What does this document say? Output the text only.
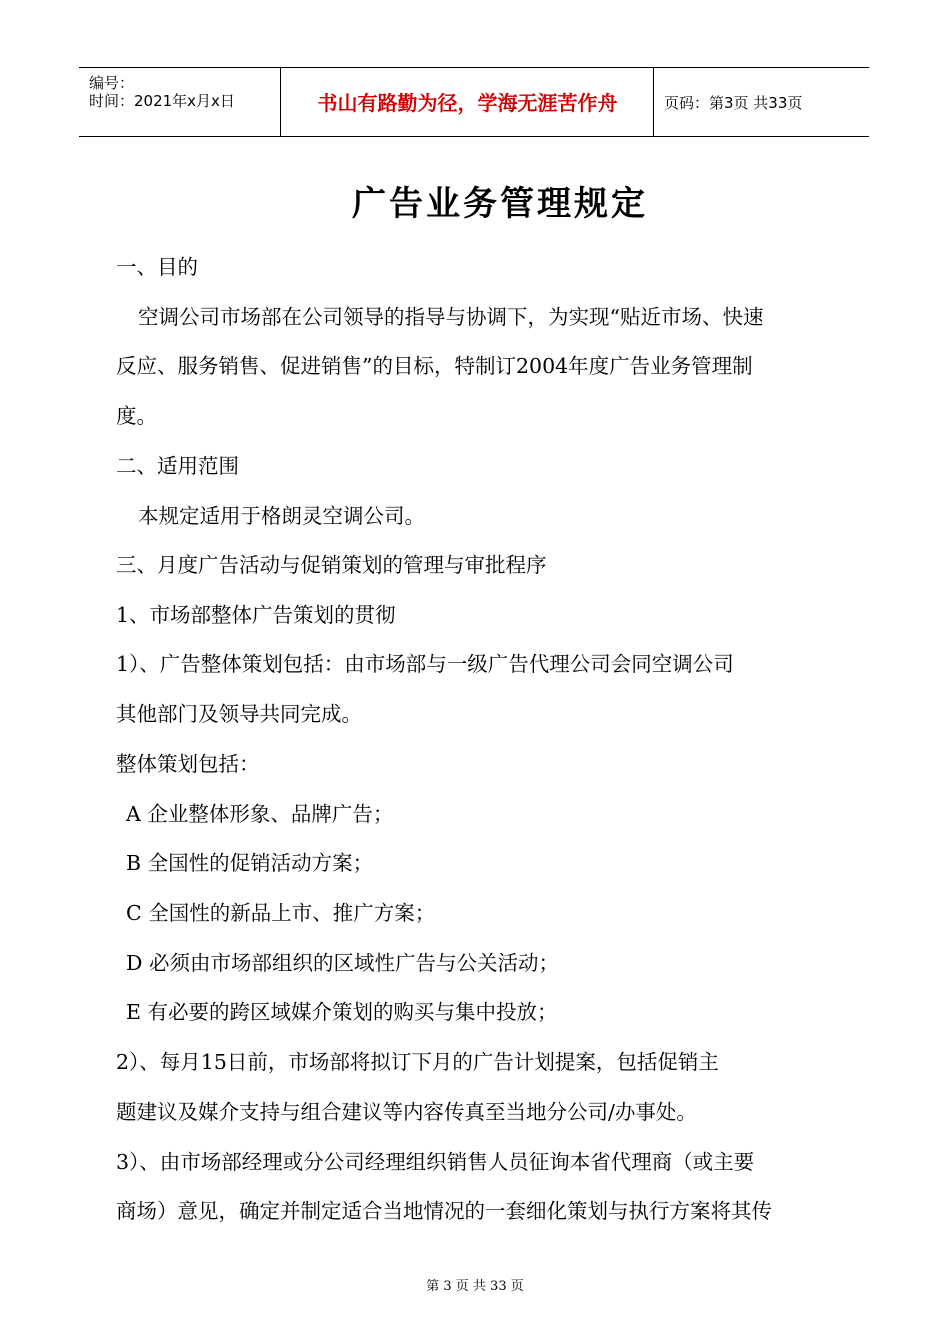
编号：
时间：2021年x月x日	书山有路勤为径，学海无涯苦作舟	页码：第3页 共33页
广告业务管理规定
一、目的
空调公司市场部在公司领导的指导与协调下，为实现“贴近市场、快速
反应、服务销售、促进销售”的目标，特制订2004年度广告业务管理制
度。
二、适用范围
本规定适用于格朗灵空调公司。
三、月度广告活动与促销策划的管理与审批程序
1、市场部整体广告策划的贯彻
1）、广告整体策划包括：由市场部与一级广告代理公司会同空调公司
其他部门及领导共同完成。
整体策划包括：
A 企业整体形象、品牌广告；
B 全国性的促销活动方案；
C 全国性的新品上市、推广方案；
D 必须由市场部组织的区域性广告与公关活动；
E 有必要的跨区域媒介策划的购买与集中投放；
2）、每月15日前，市场部将拟订下月的广告计划提案，包括促销主
题建议及媒介支持与组合建议等内容传真至当地分公司/办事处。
3）、由市场部经理或分公司经理组织销售人员征询本省代理商（或主要
商场）意见，确定并制定适合当地情况的一套细化策划与执行方案将其传
第 3 页 共 33 页
